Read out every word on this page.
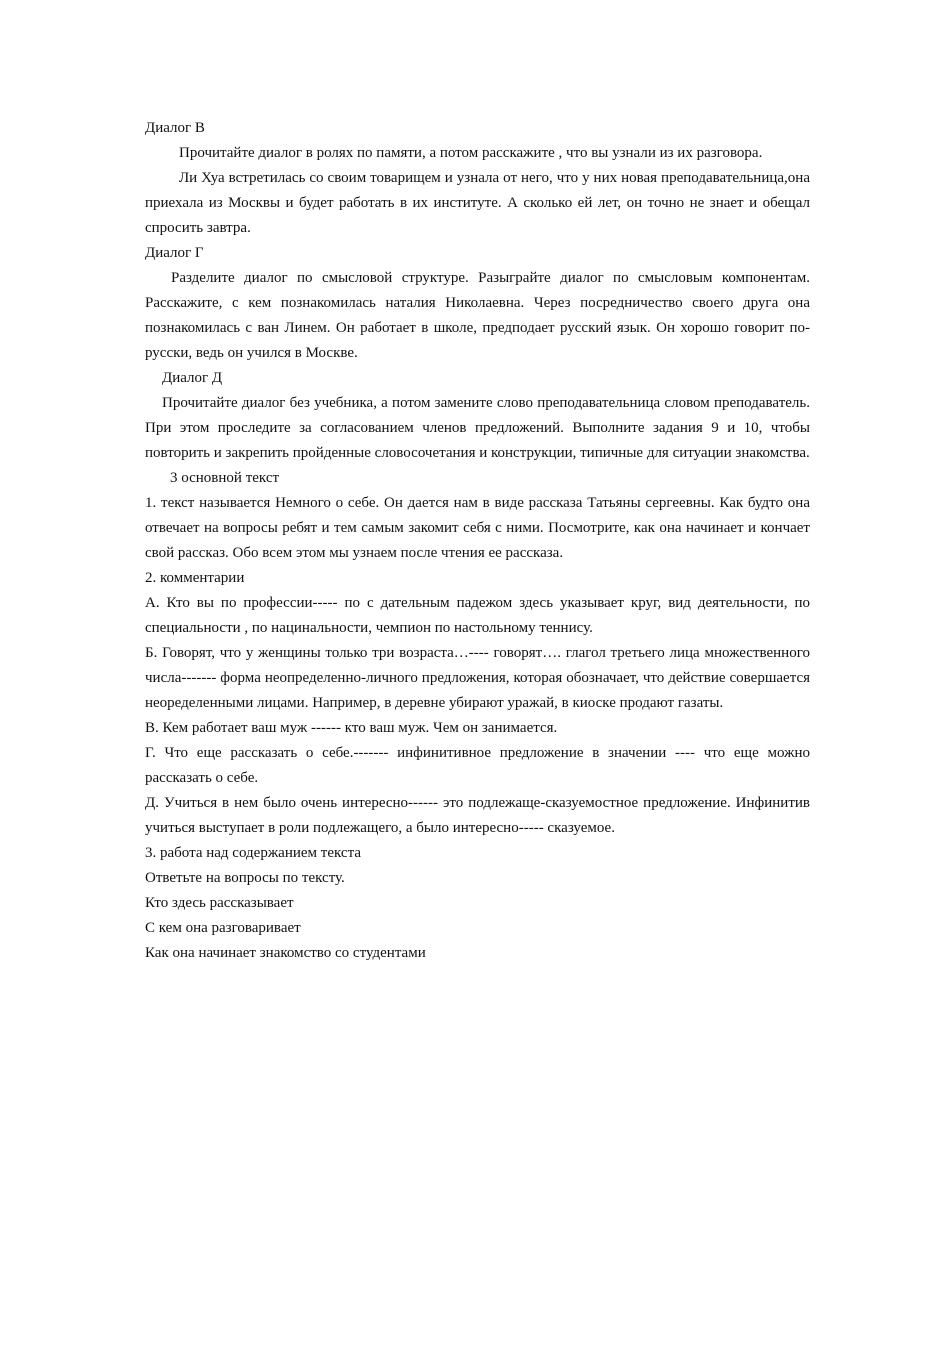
Диалог В

Прочитайте диалог в ролях по памяти, а потом расскажите , что вы узнали из их разговора.

Ли Хуа встретилась со своим товарищем и узнала от него, что у них новая преподавательница,она приехала из Москвы и будет работать в их институте. А сколько ей лет, он точно не знает и обещал спросить завтра.

Диалог Г

Разделите диалог по смысловой структуре. Разыграйте диалог по смысловым компонентам. Расскажите, с кем познакомилась наталия Николаевна. Через посредничество своего друга она познакомилась с ван Линем. Он работает в школе, предподает русский язык. Он хорошо говорит по-русски, ведь он учился в Москве.

Диалог Д

Прочитайте диалог без учебника, а потом замените слово преподавательница словом преподаватель. При этом проследите за согласованием членов предложений. Выполните задания 9 и 10, чтобы повторить и закрепить пройденные словосочетания и конструкции, типичные для ситуации знакомства.

3 основной текст

1. текст называется Немного о себе. Он дается нам в виде рассказа Татьяны сергеевны. Как будто она отвечает на вопросы ребят и тем самым закомит себя с ними. Посмотрите, как она начинает и кончает свой рассказ. Обо всем этом мы узнаем после чтения ее рассказа.

2. комментарии

А. Кто вы по профессии----- по с дательным падежом здесь указывает круг, вид деятельности, по специальности , по нацинальности, чемпион по настольному теннису.

Б. Говорят, что у женщины только три возраста…---- говорят…. глагол третьего лица множественного числа------- форма неопределенно-личного предложения, которая обозначает, что действие совершается неоределенными лицами. Например, в деревне убирают уражай, в киоске продают газаты.

В. Кем работает ваш муж ------ кто ваш муж. Чем он занимается.

Г. Что еще рассказать о себе.------- инфинитивное предложение в значении ---- что еще можно рассказать о себе.

Д. Учиться в нем было очень интересно------ это подлежаще-сказуемостное предложение. Инфинитив учиться выступает в роли подлежащего, а было интересно----- сказуемое.

3. работа над содержанием текста

Ответьте на вопросы по тексту.

Кто здесь рассказывает

С кем она разговаривает

Как она начинает знакомство со студентами
